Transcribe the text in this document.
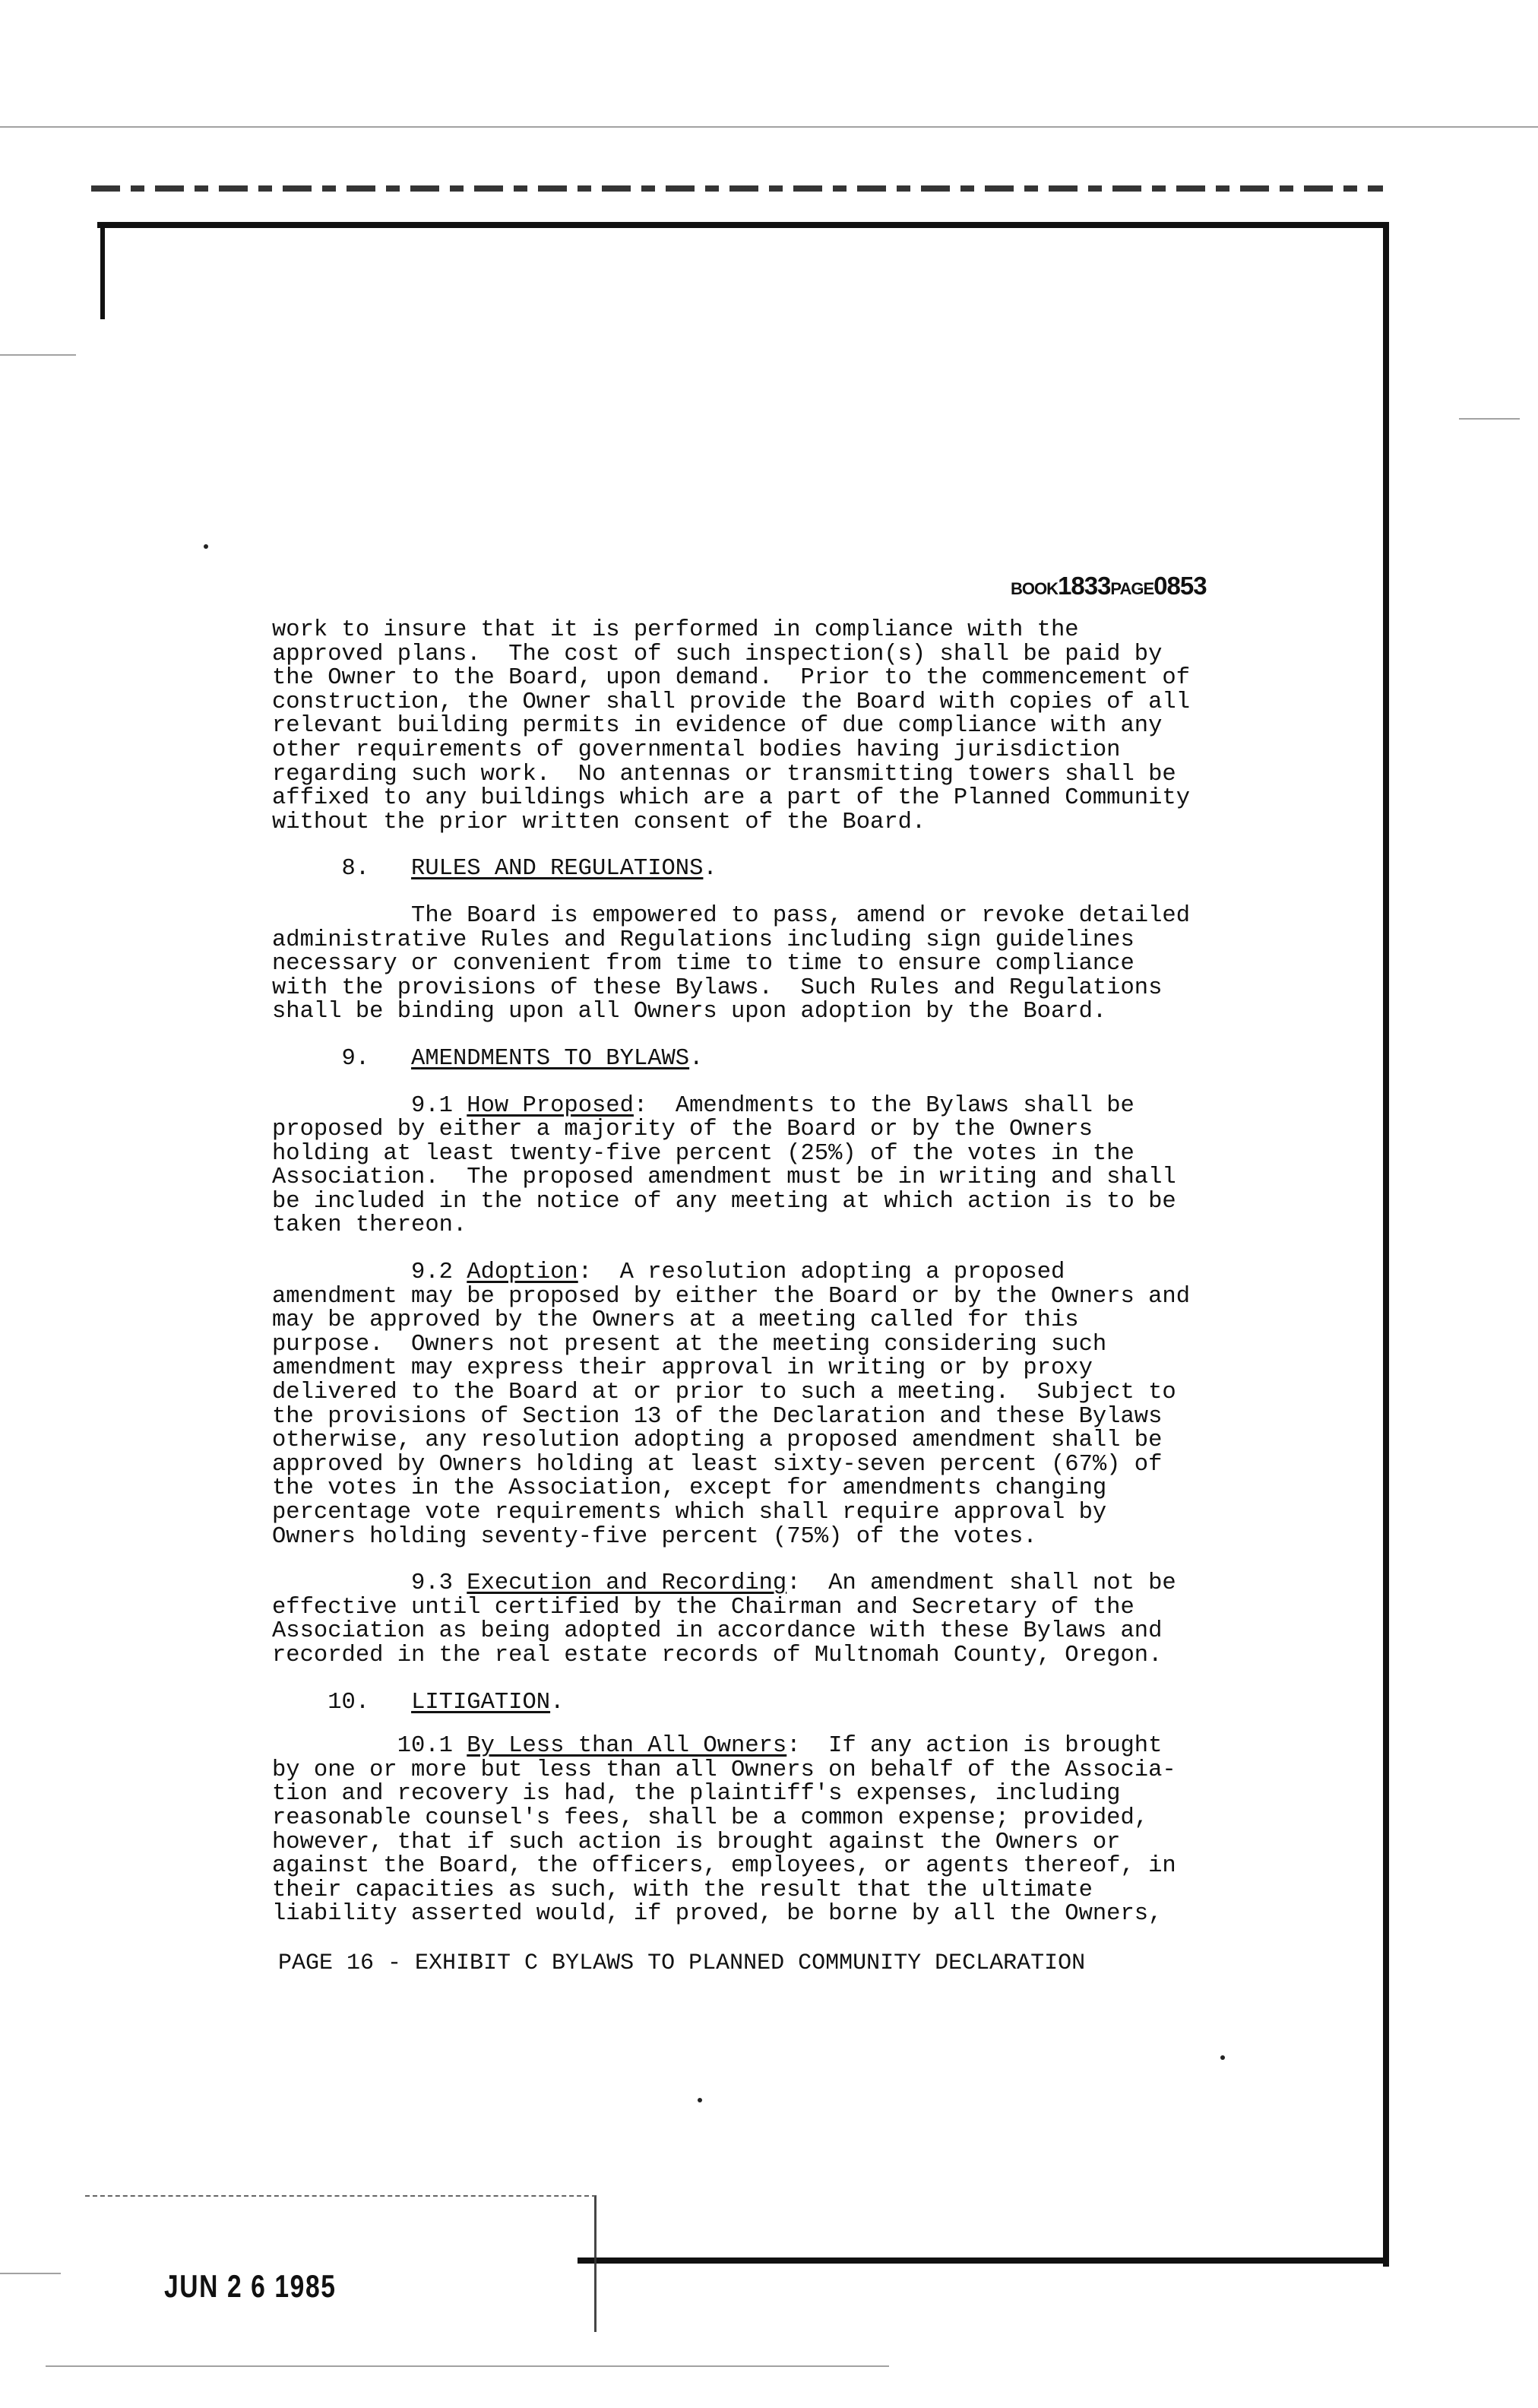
BOOK1833PAGE0853

work to insure that it is performed in compliance with the

approved plans.  The cost of such inspection(s) shall be paid by

the Owner to the Board, upon demand.  Prior to the commencement of

construction, the Owner shall provide the Board with copies of all

relevant building permits in evidence of due compliance with any

other requirements of governmental bodies having jurisdiction

regarding such work.  No antennas or transmitting towers shall be

affixed to any buildings which are a part of the Planned Community

without the prior written consent of the Board.

8. RULES AND REGULATIONS.

The Board is empowered to pass, amend or revoke detailed

administrative Rules and Regulations including sign guidelines

necessary or convenient from time to time to ensure compliance

with the provisions of these Bylaws.  Such Rules and Regulations

shall be binding upon all Owners upon adoption by the Board.

9. AMENDMENTS TO BYLAWS.

9.1 How Proposed:  Amendments to the Bylaws shall be

proposed by either a majority of the Board or by the Owners

holding at least twenty-five percent (25%) of the votes in the

Association.  The proposed amendment must be in writing and shall

be included in the notice of any meeting at which action is to be

taken thereon.

9.2 Adoption:  A resolution adopting a proposed

amendment may be proposed by either the Board or by the Owners and

may be approved by the Owners at a meeting called for this

purpose.  Owners not present at the meeting considering such

amendment may express their approval in writing or by proxy

delivered to the Board at or prior to such a meeting.  Subject to

the provisions of Section 13 of the Declaration and these Bylaws

otherwise, any resolution adopting a proposed amendment shall be

approved by Owners holding at least sixty-seven percent (67%) of

the votes in the Association, except for amendments changing

percentage vote requirements which shall require approval by

Owners holding seventy-five percent (75%) of the votes.

9.3 Execution and Recording:  An amendment shall not be

effective until certified by the Chairman and Secretary of the

Association as being adopted in accordance with these Bylaws and

recorded in the real estate records of Multnomah County, Oregon.

10. LITIGATION.

10.1 By Less than All Owners:  If any action is brought

by one or more but less than all Owners on behalf of the Associa-

tion and recovery is had, the plaintiff's expenses, including

reasonable counsel's fees, shall be a common expense; provided,

however, that if such action is brought against the Owners or

against the Board, the officers, employees, or agents thereof, in

their capacities as such, with the result that the ultimate

liability asserted would, if proved, be borne by all the Owners,

PAGE 16 - EXHIBIT C BYLAWS TO PLANNED COMMUNITY DECLARATION
JUN 2 6 1985
